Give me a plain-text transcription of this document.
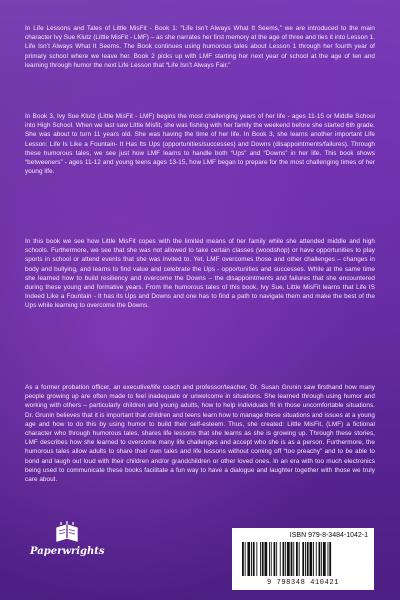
In Life Lessons and Tales of Little MisFit - Book 1: “Life Isn’t Always What It Seems,” we are introduced to the main character Ivy Sue Klutz (Little MisFit - LMF) – as she narrates her first memory at the age of three and ties it into Lesson 1. Life Isn’t Always What It Seems. The Book continues using humorous tales about Lesson 1 through her fourth year of primary school where we leave her. Book 2 picks up with LMF starting her next year of school at the age of ten and learning through humor the next Life Lesson that “Life Isn’t Always Fair.”

In Book 3, Ivy Sue Klutz (Little MisFit - LMF) begins the most challenging years of her life - ages 11-15 or Middle School into High School. When we last saw Little Misfit, she was fishing with her family the weekend before she started 6th grade. She was about to turn 11 years old. She was having the time of her life. In Book 3, she learns another important Life Lesson: Life Is Like a Fountain- It Has Its Ups (opportunities/successes) and Downs (disappointments/failures). Through these humorous tales, we see just how LMF learns to handle both “Ups” and “Downs” in her life. This book shows “betweeners” - ages 11-12 and young teens ages 13-15, how LMF began to prepare for the most challenging times of her young life.

In this book we see how Little MisFit copes with the limited means of her family while she attended middle and high schools. Furthermore, we see that she was not allowed to take certain classes (woodshop) or have opportunities to play sports in school or attend events that she was invited to. Yet, LMF overcomes those and other challenges – changes in body and bullying, and learns to find value and celebrate the Ups - opportunities and successes. While at the same time she learned how to build resiliency and overcome the Downs – the disappointments and failures that she encountered during these young and formative years. From the humorous tales of this book, Ivy Sue, Little MisFit learns that Life IS Indeed Like a Fountain - It has its Ups and Downs and one has to find a path to navigate them and make the best of the Ups while learning to overcome the Downs.

As a former probation officer, an executive/life coach and professor/teacher, Dr. Susan Grunin saw firsthand how many people growing up are often made to feel inadequate or unwelcome in situations. She learned through using humor and working with others – particularly children and young adults, how to help individuals fit in those uncomfortable situations. Dr. Grunin believes that it is important that children and teens learn how to manage these situations and issues at a young age and how to do this by using humor to build their self-esteem. Thus, she created: Little MisFit, (LMF) a fictional character who through humorous tales, shares life lessons that she learns as she is growing up. Through these stories, LMF describes how she learned to overcome many life challenges and accept who she is as a person. Furthermore, the humorous tales allow adults to share their own tales and life lessons without coming off “too preachy” and to be able to bond and laugh out loud with their children and/or grandchildren or other loved ones. In an era with too much electronics being used to communicate these books facilitate a fun way to have a dialogue and laughter together with those we truly care about.

Paperwrights

ISBN 979-8-3484-1042-1

9 798348 410421
